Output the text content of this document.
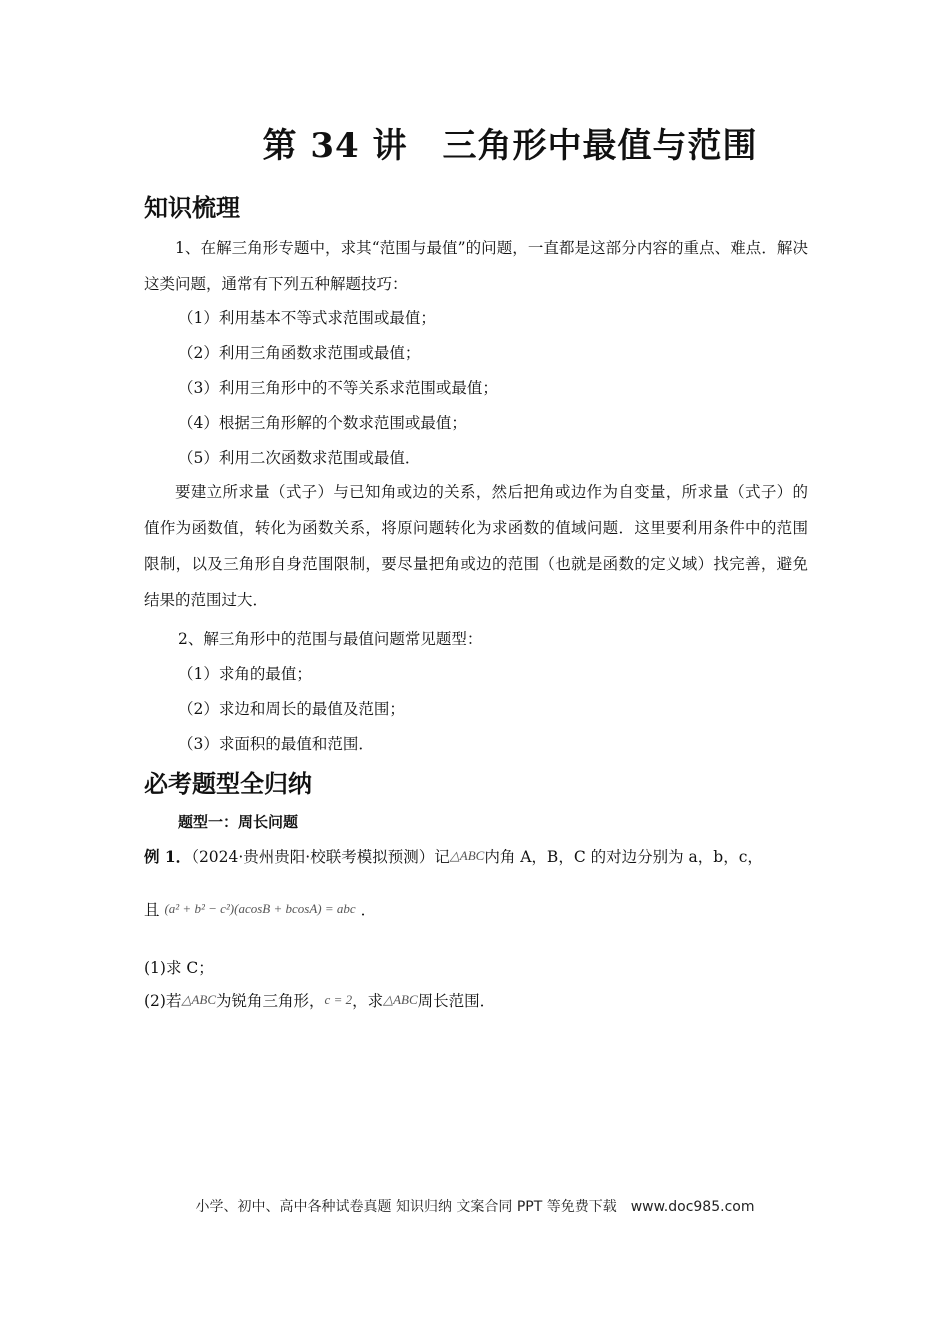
第 34 讲　三角形中最值与范围
知识梳理
1、在解三角形专题中，求其“范围与最值”的问题，一直都是这部分内容的重点、难点．解决这类问题，通常有下列五种解题技巧：
（1）利用基本不等式求范围或最值；
（2）利用三角函数求范围或最值；
（3）利用三角形中的不等关系求范围或最值；
（4）根据三角形解的个数求范围或最值；
（5）利用二次函数求范围或最值．
要建立所求量（式子）与已知角或边的关系，然后把角或边作为自变量，所求量（式子）的值作为函数值，转化为函数关系，将原问题转化为求函数的值域问题．这里要利用条件中的范围限制，以及三角形自身范围限制，要尽量把角或边的范围（也就是函数的定义域）找完善，避免结果的范围过大．
2、解三角形中的范围与最值问题常见题型：
（1）求角的最值；
（2）求边和周长的最值及范围；
（3）求面积的最值和范围．
必考题型全归纳
题型一：周长问题
例 1．（2024·贵州贵阳·校联考模拟预测）记△ABC内角 A，B，C 的对边分别为 a，b，c，
且 (a² + b² − c²)(acosB + bcosA) = abc ．
(1)求 C；
(2)若△ABC为锐角三角形，c = 2，求△ABC周长范围．
小学、初中、高中各种试卷真题 知识归纳 文案合同 PPT 等免费下载　www.doc985.com
